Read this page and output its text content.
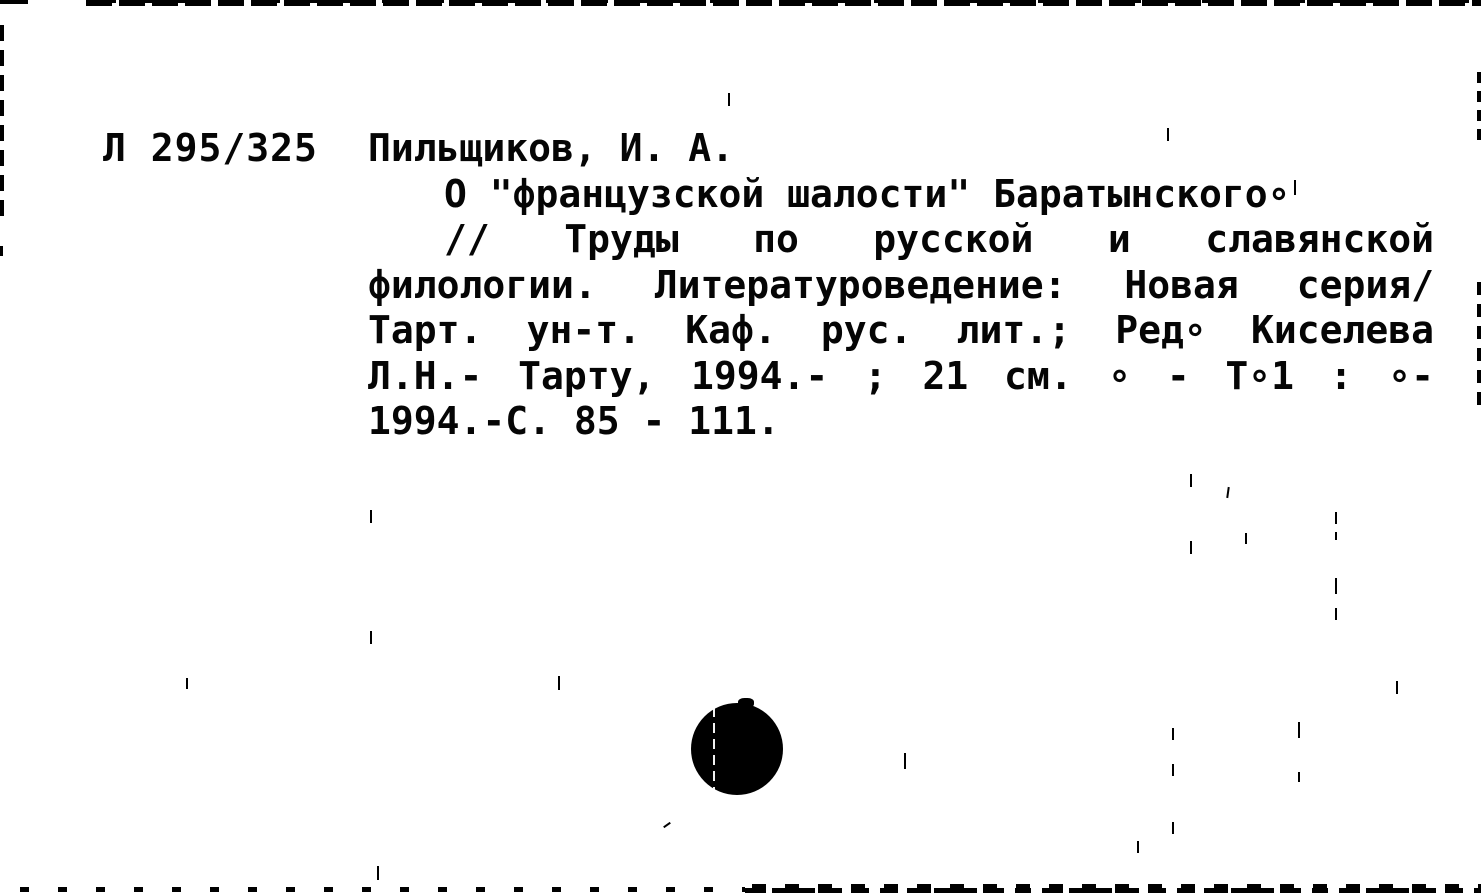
Л 295/325 Пильщиков, И. А.
О "французской шалости" Баратынского∘
// Труды по русской и славянской
филологии. Литературоведение: Новая серия/
Тарт. ун-т. Каф. рус. лит.; Ред∘ Киселева
Л.Н.- Тарту, 1994.- ; 21 см. ∘ - Т∘1 : ∘-
1994.-С. 85 - 111.
